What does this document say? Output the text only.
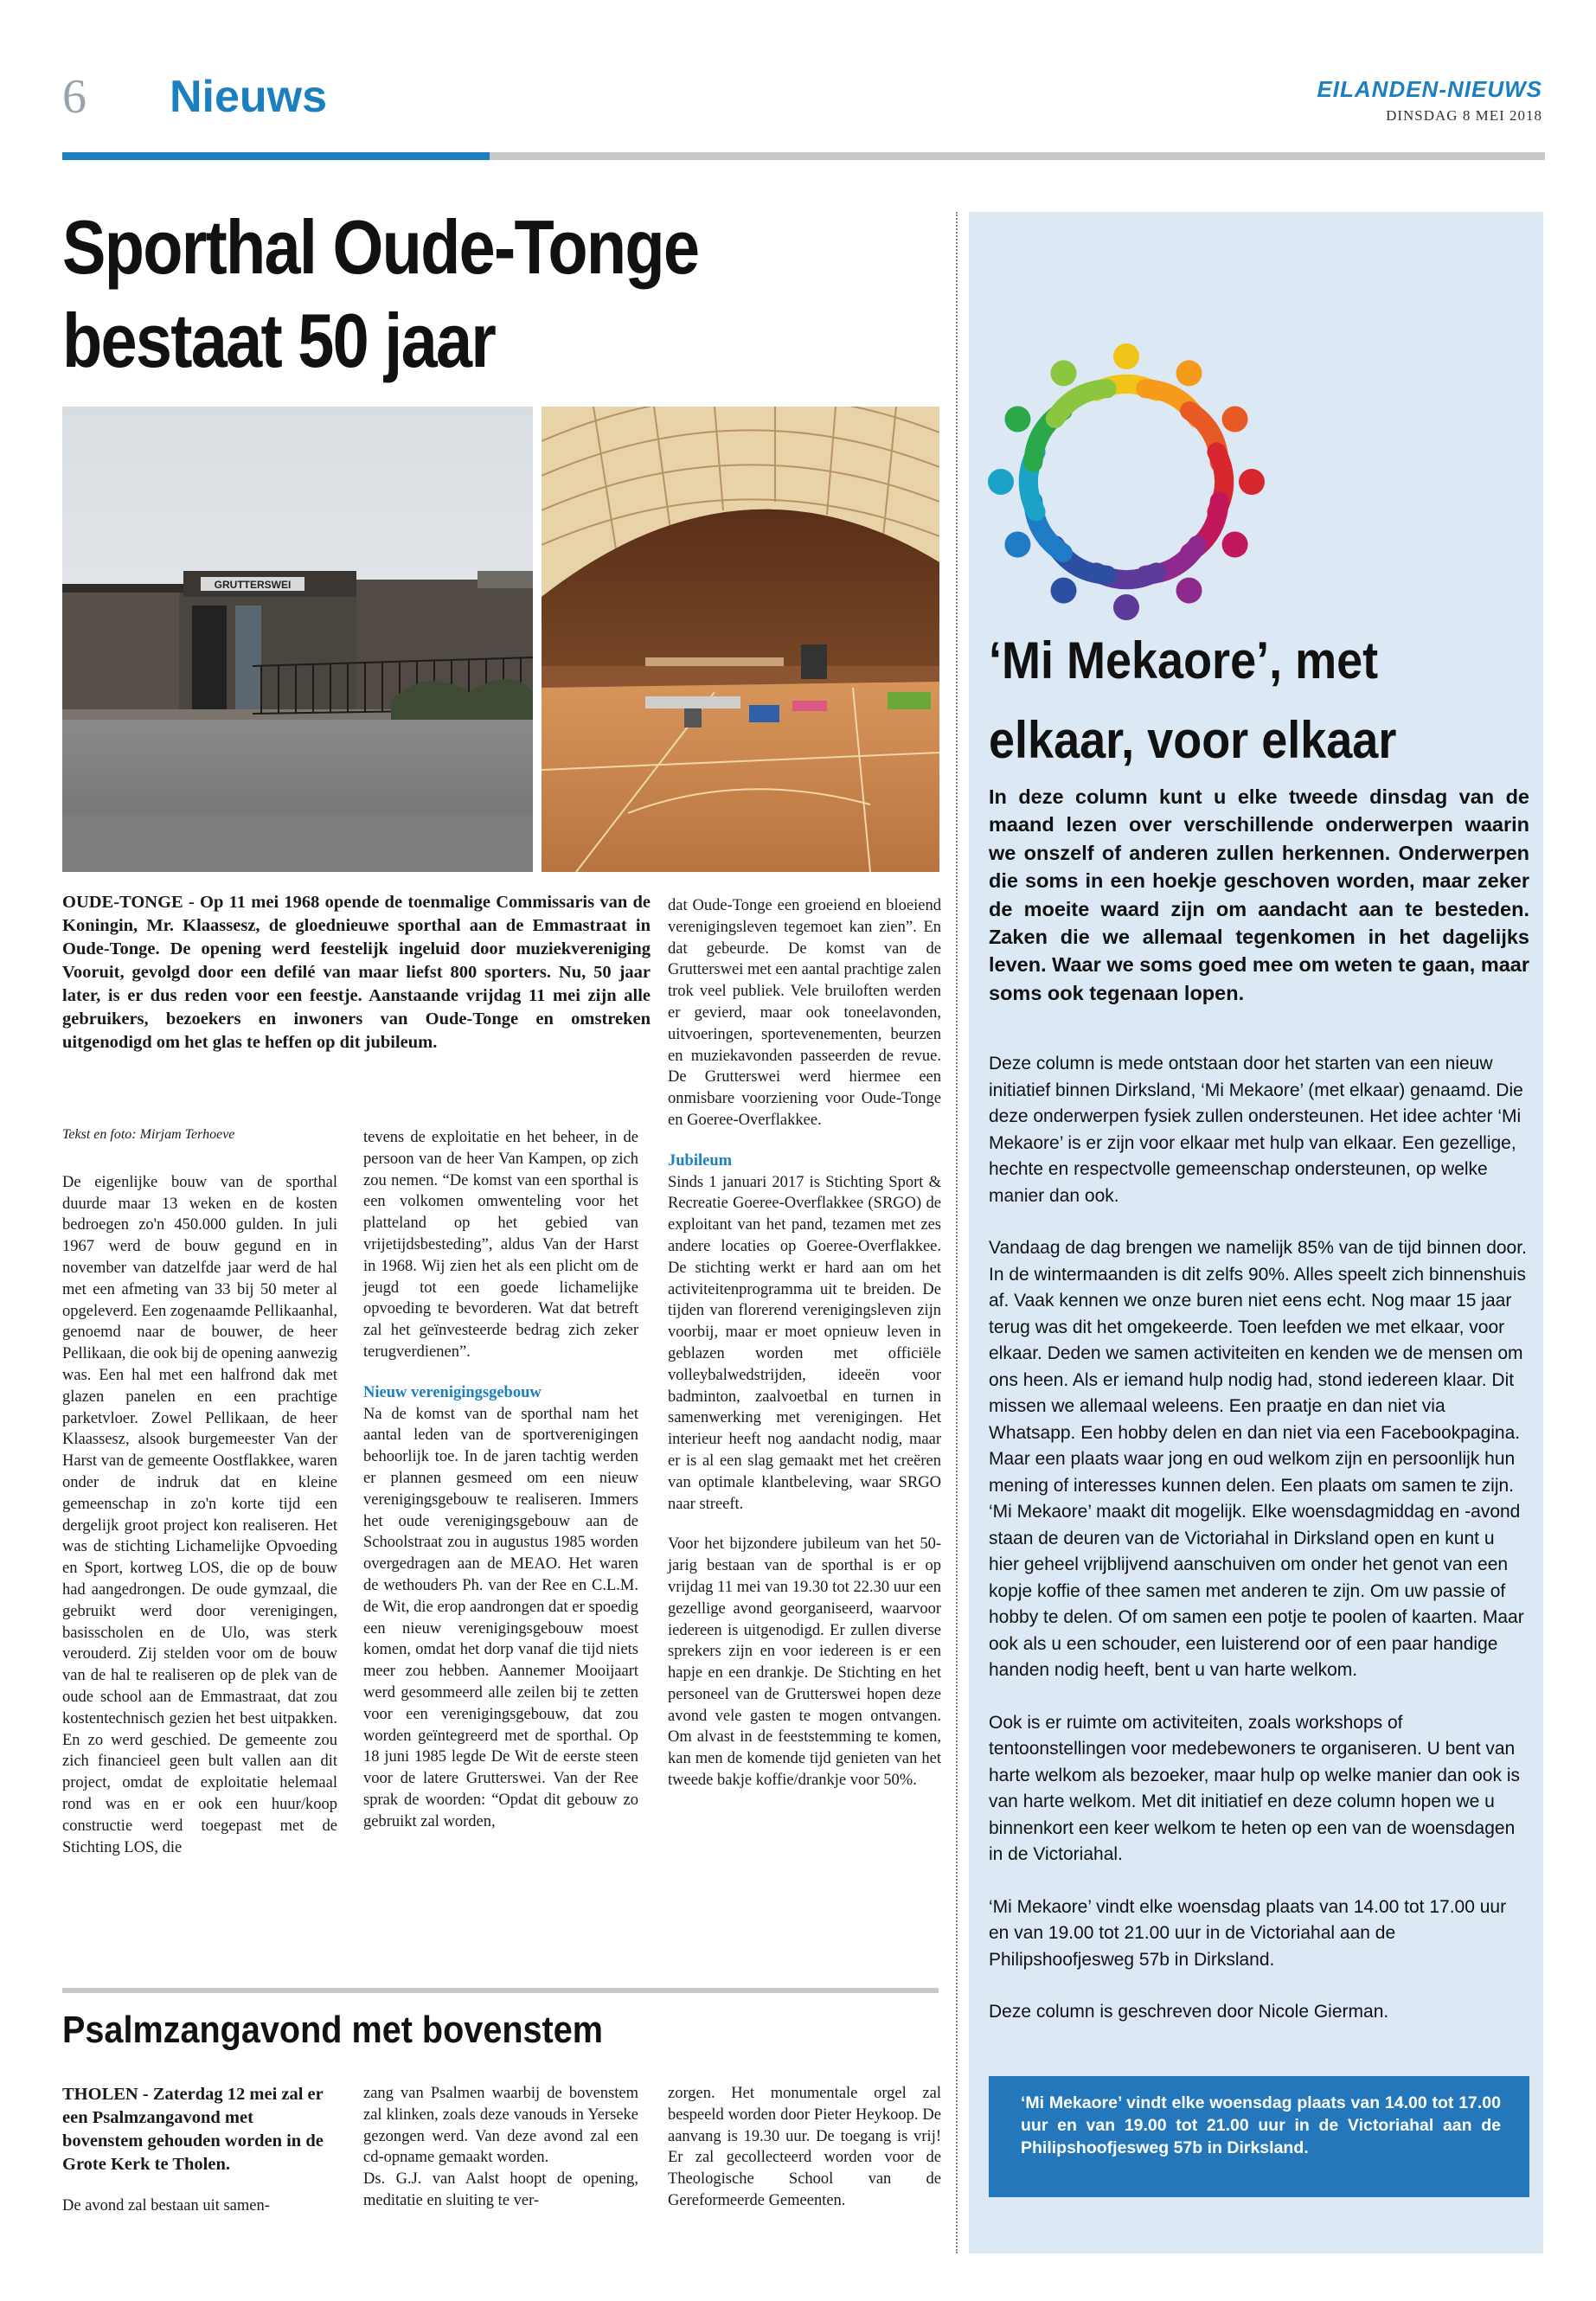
6 Nieuws	EILANDEN-NIEUWS
DINSDAG 8 MEI 2018
Sporthal Oude-Tonge
bestaat 50 jaar
GRUTTERSWEI
OUDE-TONGE - Op 11 mei 1968 opende de toenmalige Commissaris van de Koningin, Mr. Klaassesz, de gloednieuwe sporthal aan de Emmastraat in Oude-Tonge. De opening werd feestelijk ingeluid door muziekvereniging Vooruit, gevolgd door een defilé van maar liefst 800 sporters. Nu, 50 jaar later, is er dus reden voor een feestje. Aanstaande vrijdag 11 mei zijn alle gebruikers, bezoekers en inwoners van Oude-Tonge en omstreken uitgenodigd om het glas te heffen op dit jubileum.

Tekst en foto: Mirjam Terhoeve

De eigenlijke bouw van de sporthal duurde maar 13 weken en de kosten bedroegen zo'n 450.000 gulden. In juli 1967 werd de bouw gegund en in november van datzelfde jaar werd de hal met een afmeting van 33 bij 50 meter al opgeleverd. Een zogenaamde Pellikaanhal, genoemd naar de bouwer, de heer Pellikaan, die ook bij de opening aanwezig was. Een hal met een halfrond dak met glazen panelen en een prachtige parketvloer. Zowel Pellikaan, de heer Klaassesz, alsook burgemeester Van der Harst van de gemeente Oostflakkee, waren onder de indruk dat en kleine gemeenschap in zo'n korte tijd een dergelijk groot project kon realiseren. Het was de stichting Lichamelijke Opvoeding en Sport, kortweg LOS, die op de bouw had aangedrongen. De oude gymzaal, die gebruikt werd door verenigingen, basisscholen en de Ulo, was sterk verouderd. Zij stelden voor om de bouw van de hal te realiseren op de plek van de oude school aan de Emmastraat, dat zou kostentechnisch gezien het best uitpakken. En zo werd geschied. De gemeente zou zich financieel geen bult vallen aan dit project, omdat de exploitatie helemaal rond was en er ook een huur/koop constructie werd toegepast met de Stichting LOS, die

tevens de exploitatie en het beheer, in de persoon van de heer Van Kampen, op zich zou nemen. “De komst van een sporthal is een volkomen omwenteling voor het platteland op het gebied van vrijetijdsbesteding”, aldus Van der Harst in 1968. Wij zien het als een plicht om de jeugd tot een goede lichamelijke opvoeding te bevorderen. Wat dat betreft zal het geïnvesteerde bedrag zich zeker terugverdienen”.

Nieuw verenigingsgebouw

Na de komst van de sporthal nam het aantal leden van de sportverenigingen behoorlijk toe. In de jaren tachtig werden er plannen gesmeed om een nieuw verenigingsgebouw te realiseren. Immers het oude verenigingsgebouw aan de Schoolstraat zou in augustus 1985 worden overgedragen aan de MEAO. Het waren de wethouders Ph. van der Ree en C.L.M. de Wit, die erop aandrongen dat er spoedig een nieuw verenigingsgebouw moest komen, omdat het dorp vanaf die tijd niets meer zou hebben. Aannemer Mooijaart werd gesommeerd alle zeilen bij te zetten voor een verenigingsgebouw, dat zou worden geïntegreerd met de sporthal. Op 18 juni 1985 legde De Wit de eerste steen voor de latere Grutterswei. Van der Ree sprak de woorden: “Opdat dit gebouw zo gebruikt zal worden,

dat Oude-Tonge een groeiend en bloeiend verenigingsleven tegemoet kan zien”. En dat gebeurde. De komst van de Grutterswei met een aantal prachtige zalen trok veel publiek. Vele bruiloften werden er gevierd, maar ook toneelavonden, uitvoeringen, sportevenementen, beurzen en muziekavonden passeerden de revue. De Grutterswei werd hiermee een onmisbare voorziening voor Oude-Tonge en Goeree-Overflakkee.

Jubileum

Sinds 1 januari 2017 is Stichting Sport & Recreatie Goeree-Overflakkee (SRGO) de exploitant van het pand, tezamen met zes andere locaties op Goeree-Overflakkee. De stichting werkt er hard aan om het activiteitenprogramma uit te breiden. De tijden van florerend verenigingsleven zijn voorbij, maar er moet opnieuw leven in geblazen worden met officiële volleybalwedstrijden, ideeën voor badminton, zaalvoetbal en turnen in samenwerking met verenigingen. Het interieur heeft nog aandacht nodig, maar er is al een slag gemaakt met het creëren van optimale klantbeleving, waar SRGO naar streeft.

Voor het bijzondere jubileum van het 50-jarig bestaan van de sporthal is er op vrijdag 11 mei van 19.30 tot 22.30 uur een gezellige avond georganiseerd, waarvoor iedereen is uitgenodigd. Er zullen diverse sprekers zijn en voor iedereen is er een hapje en een drankje. De Stichting en het personeel van de Grutterswei hopen deze avond vele gasten te mogen ontvangen. Om alvast in de feeststemming te komen, kan men de komende tijd genieten van het tweede bakje koffie/drankje voor 50%.

Psalmzangavond met bovenstem

THOLEN - Zaterdag 12 mei zal er een Psalmzangavond met bovenstem gehouden worden in de Grote Kerk te Tholen.

De avond zal bestaan uit samen-

zang van Psalmen waarbij de bovenstem zal klinken, zoals deze vanouds in Yerseke gezongen werd. Van deze avond zal een cd-opname gemaakt worden.

Ds. G.J. van Aalst hoopt de opening, meditatie en sluiting te ver-

zorgen. Het monumentale orgel zal bespeeld worden door Pieter Heykoop. De aanvang is 19.30 uur. De toegang is vrij! Er zal gecollecteerd worden voor de Theologische School van de Gereformeerde Gemeenten.

‘Mi Mekaore’, met elkaar, voor elkaar
In deze column kunt u elke tweede dinsdag van de maand lezen over verschillende onderwerpen waarin we onszelf of anderen zullen herkennen. Onderwerpen die soms in een hoekje geschoven worden, maar zeker de moeite waard zijn om aandacht aan te besteden. Zaken die we allemaal tegenkomen in het dagelijks leven. Waar we soms goed mee om weten te gaan, maar soms ook tegenaan lopen.

Deze column is mede ontstaan door het starten van een nieuw initiatief binnen Dirksland, ‘Mi Mekaore’ (met elkaar) genaamd. Die deze onderwerpen fysiek zullen ondersteunen. Het idee achter ‘Mi Mekaore’ is er zijn voor elkaar met hulp van elkaar. Een gezellige, hechte en respectvolle gemeenschap ondersteunen, op welke manier dan ook.

Vandaag de dag brengen we namelijk 85% van de tijd binnen door. In de wintermaanden is dit zelfs 90%. Alles speelt zich binnenshuis af. Vaak kennen we onze buren niet eens echt. Nog maar 15 jaar terug was dit het omgekeerde. Toen leefden we met elkaar, voor elkaar. Deden we samen activiteiten en kenden we de mensen om ons heen. Als er iemand hulp nodig had, stond iedereen klaar. Dit missen we allemaal weleens. Een praatje en dan niet via Whatsapp. Een hobby delen en dan niet via een Facebookpagina. Maar een plaats waar jong en oud welkom zijn en persoonlijk hun mening of interesses kunnen delen. Een plaats om samen te zijn. ‘Mi Mekaore’ maakt dit mogelijk. Elke woensdagmiddag en -avond staan de deuren van de Victoriahal in Dirksland open en kunt u hier geheel vrijblijvend aanschuiven om onder het genot van een kopje koffie of thee samen met anderen te zijn. Om uw passie of hobby te delen. Of om samen een potje te poolen of kaarten. Maar ook als u een schouder, een luisterend oor of een paar handige handen nodig heeft, bent u van harte welkom.

Ook is er ruimte om activiteiten, zoals workshops of tentoonstellingen voor medebewoners te organiseren. U bent van harte welkom als bezoeker, maar hulp op welke manier dan ook is van harte welkom. Met dit initiatief en deze column hopen we u binnenkort een keer welkom te heten op een van de woensdagen in de Victoriahal.

‘Mi Mekaore’ vindt elke woensdag plaats van 14.00 tot 17.00 uur en van 19.00 tot 21.00 uur in de Victoriahal aan de Philipshoofjesweg 57b in Dirksland.

Deze column is geschreven door Nicole Gierman.

‘Mi Mekaore’ vindt elke woensdag plaats van 14.00 tot 17.00 uur en van 19.00 tot 21.00 uur in de Victoriahal aan de Philipshoofjesweg 57b in Dirksland.
